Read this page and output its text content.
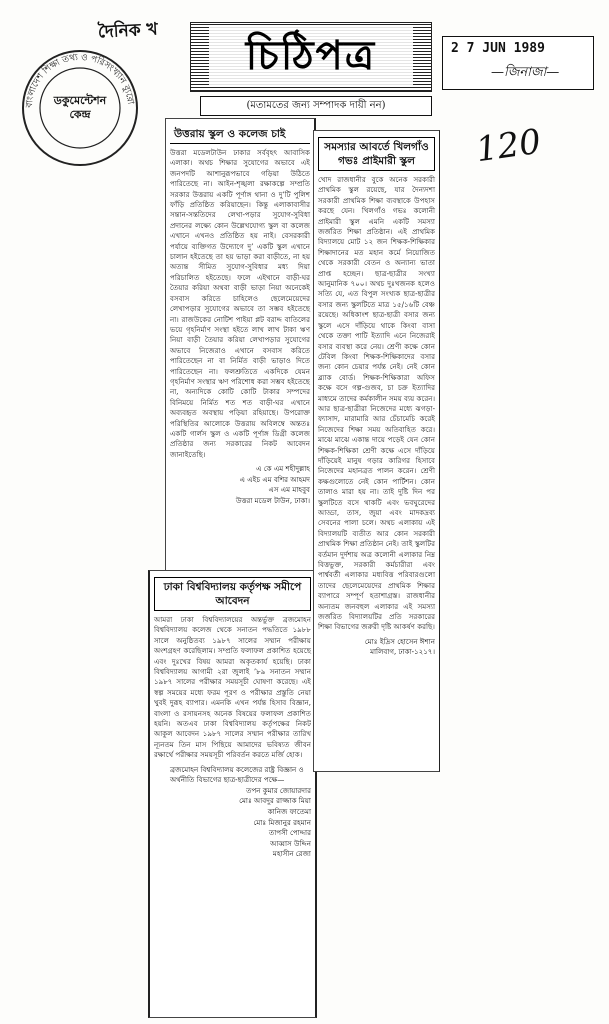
দৈনিক খ
চিঠিপত্র
(মতামতের জন্য সম্পাদক দায়ী নন)
2 7 JUN 1989
—জিনাজা—
120
বাংলাদেশ শিক্ষা তথ্য ও পরিসংখ্যান ব্যুরো
ডকুমেন্টেশন
কেন্দ্র
উত্তরায় স্কুল ও কলেজ চাই
উত্তরা মডেলটাউন ঢাকার সর্ববৃহৎ আবাসিক এলাকা। অথচ শিক্ষার সুযোগের অভাবে এই জনপদটি আশানুরূপভাবে গড়িয়া উঠিতে পারিতেছে না। আইন-শৃঙ্খলা রক্ষাকল্পে সম্প্রতি সরকার উত্তরায় একটি পূর্ণাঙ্গ থানা ও দু’টি পুলিশ ফাঁড়ি প্রতিষ্ঠিত করিয়াছেন। কিন্তু এলাকাবাসীর সন্তান-সন্ততিদের লেখা-পড়ার সুযোগ-সুবিধা প্রদানের লক্ষ্যে কোন উল্লেখযোগ্য স্কুল বা কলেজ এখানে এখনও প্রতিষ্ঠিত হয় নাই। বেসরকারী পর্যায়ে ব্যক্তিগত উদ্যোগে দু’ একটি স্কুল এখানে চালান হইতেছে তা হয় ভাড়া করা বাড়ীতে, না হয় অত্যন্ত সীমিত সুযোগ-সুবিধার মধ্য দিয়া পরিচালিত হইতেছে। ফলে এইখানে বাড়ী-ঘর তৈয়ার করিয়া অথবা বাড়ী ভাড়া নিয়া অনেকেই বসবাস করিতে চাহিলেও ছেলেমেয়েদের লেখাপড়ার সুযোগের অভাবে তা সম্ভব হইতেছে না। রাজউকের নোটিশ পাইয়া প্লট বরাদ্দ বাতিলের ভয়ে গৃহনির্মাণ সংস্থা হইতে লাখ লাখ টাকা ঋণ নিয়া বাড়ী তৈয়ার করিয়া লেখাপড়ার সুযোগের অভাবে নিজেরাও এখানে বসবাস করিতে পারিতেছেন না বা নির্মিত বাড়ী ভাড়াও দিতে পারিতেছেন না। ফলশ্রুতিতে একদিকে যেমন গৃহনির্মাণ সংস্থার ঋণ পরিশোধ করা সম্ভব হইতেছে না, অন্যদিকে কোটি কোটি টাকার সম্পদের বিনিময়ে নির্মিত শত শত বাড়ী-ঘর এখানে অব্যবহৃত অবস্থায় পড়িয়া রহিয়াছে। উপরোক্ত পরিস্থিতির আলোকে উত্তরায় অবিলম্বে অন্ততঃ একটি গার্লস স্কুল ও একটি পূর্ণাঙ্গ ডিগ্রী কলেজ প্রতিষ্ঠার জন্য সরকারের নিকট আবেদন জানাইতেছি।
এ কে এম শহীদুল্লাহ
এ এইচ এম বশির আহমদ
এস এম মাহবুব
উত্তরা মডেল টাউন, ঢাকা।
ঢাকা বিশ্ববিদ্যালয় কর্তৃপক্ষ সমীপে আবেদন
আমরা ঢাকা বিশ্ববিদ্যালয়ের অন্তর্ভুক্ত ব্রজমোহন বিশ্ববিদ্যালয় কলেজ থেকে সনাতন পদ্ধতিতে ১৯৮৮ সালে অনুষ্ঠিতব্য ১৯৮৭ সালের সম্মান পরীক্ষায় অংশগ্রহণ করেছিলাম। সম্প্রতি ফলাফল প্রকাশিত হয়েছে এবং দুঃখের বিষয় আমরা অকৃতকার্য হয়েছি। ঢাকা বিশ্ববিদ্যালয় আগামী ২রা জুলাই ’৮৯ সনাতন সম্মান ১৯৮৭ সালের পরীক্ষার সময়সূচী ঘোষণা করেছে। এই স্বল্প সময়ের মধ্যে ফরম পূরণ ও পরীক্ষার প্রস্তুতি নেয়া খুবই দুরূহ ব্যাপার। এমনকি এখন পর্যন্ত হিসাব বিজ্ঞান, বাংলা ও রসায়নসহ অনেক বিষয়ের ফলাফল প্রকাশিত হয়নি। অতএব ঢাকা বিশ্ববিদ্যালয় কর্তৃপক্ষের নিকট আকুল আবেদন ১৯৮৭ সালের সম্মান পরীক্ষার তারিখ ন্যূনতম তিন মাস পিছিয়ে আমাদের ভবিষ্যত জীবন রক্ষার্থে পরীক্ষার সময়সূচী পরিবর্তন করতে মর্জি হোক।
ব্রজমোহন বিশ্ববিদ্যালয় কলেজের রাষ্ট্র বিজ্ঞান ও অর্থনীতি বিভাগের ছাত্র-ছাত্রীদের পক্ষে—
তপন কুমার জোয়ারদার
মোঃ আবদুর রাজ্জাক মিয়া
কানিজ ফাতেমা
মোঃ মিজানুর রহমান
তাপসী পোদ্দার
আব্বাস উদ্দিন
মহাসীন রেজা
সমস্যার আবর্তে খিলগাঁও গভঃ প্রাইমারী স্কুল
খোদ রাজধানীর বুকে অনেক সরকারী প্রাথমিক স্কুল রয়েছে, যার দৈন্যদশা সরকারী প্রাথমিক শিক্ষা ব্যবস্থাকে উপহাস করছে যেন। খিলগাঁও গভঃ কলোনী প্রাইমারী স্কুল এমনি একটি সমস্যা জর্জরিত শিক্ষা প্রতিষ্ঠান। এই প্রাথমিক বিদ্যালয়ে মোট ১২ জন শিক্ষক-শিক্ষিকার শিক্ষাদানের মত মহান কর্মে নিয়োজিত থেকে সরকারী বেতন ও অন্যান্য ভাতা প্রাপ্ত হচ্ছেন। ছাত্র-ছাত্রীর সংখ্যা আনুমানিক ৭০০। অথচ দুঃখজনক হলেও সত্যি যে, এত বিপুল সংখ্যক ছাত্র-ছাত্রীর বসার জন্য স্কুলটিতে মাত্র ১৫/১৬টি বেঞ্চ রয়েছে। অধিকাংশ ছাত্র-ছাত্রী বসার জন্য স্কুলে এসে দাঁড়িয়ে থাকে কিংবা বাসা থেকে তক্তা পাটি ইত্যাদি এনে নিজেরাই বসার ব্যবস্থা করে নেয়। শ্রেণী কক্ষে কোন টেবিল কিংবা শিক্ষক-শিক্ষিকাদের বসার জন্য কোন চেয়ার পর্যন্ত নেই। নেই কোন ব্ল্যাক বোর্ড। শিক্ষক-শিক্ষিকারা অফিস কক্ষে বসে গল্প-গুজব, চা চক্র ইত্যাদির মাধ্যমে তাদের কর্মকালীন সময় ব্যয় করেন। আর ছাত্র-ছাত্রীরা নিজেদের মধ্যে ঝগড়া-ফ্যাসাদ, মারামারি আর চেঁচামেচি করেই নিজেদের শিক্ষা সময় অতিবাহিত করে। মাঝে মাঝে একান্ত দায়ে পড়েই যেন কোন শিক্ষক-শিক্ষিকা শ্রেণী কক্ষে এসে দাঁড়িয়ে দাঁড়িয়েই মানুষ গড়ার কারিগর হিসাবে নিজেদের মহানব্রত পালন করেন। শ্রেণী কক্ষগুলোতে নেই কোন পার্টিশন। কোন তালাও মারা হয় না। তাই দুষ্টি দিন পর স্কুলটিতে বসে থাকটি এবং ভবঘুরেদের আড্ডা, তাস, জুয়া এবং মাদকদ্রব্য সেবনের পালা চলে। অথচ এলাকায় এই বিদ্যালয়টি ব্যতীত আর কোন সরকারী প্রাথমিক শিক্ষা প্রতিষ্ঠান নেই। তাই স্কুলটির বর্তমান দুর্দশায় অত্র কলোনী এলাকার নিম্ন বিত্তভুক্ত, সরকারী কর্মচারীরা এবং পার্শ্ববর্তী এলাকার মধ্যবিত্ত পরিবারগুলো তাদের ছেলেমেয়েদের প্রাথমিক শিক্ষার ব্যাপারে সম্পূর্ণ হতাশাগ্রস্ত। রাজধানীর অন্যতম জনবহুল এলাকার এই সমস্যা জর্জরিত বিদ্যালয়টির প্রতি সরকারের শিক্ষা বিভাগের জরুরী দৃষ্টি আকর্ষণ করছি।
মোঃ ইদ্রিস হোসেন ঈশান
মালিবাগ, ঢাকা-১২১৭।
